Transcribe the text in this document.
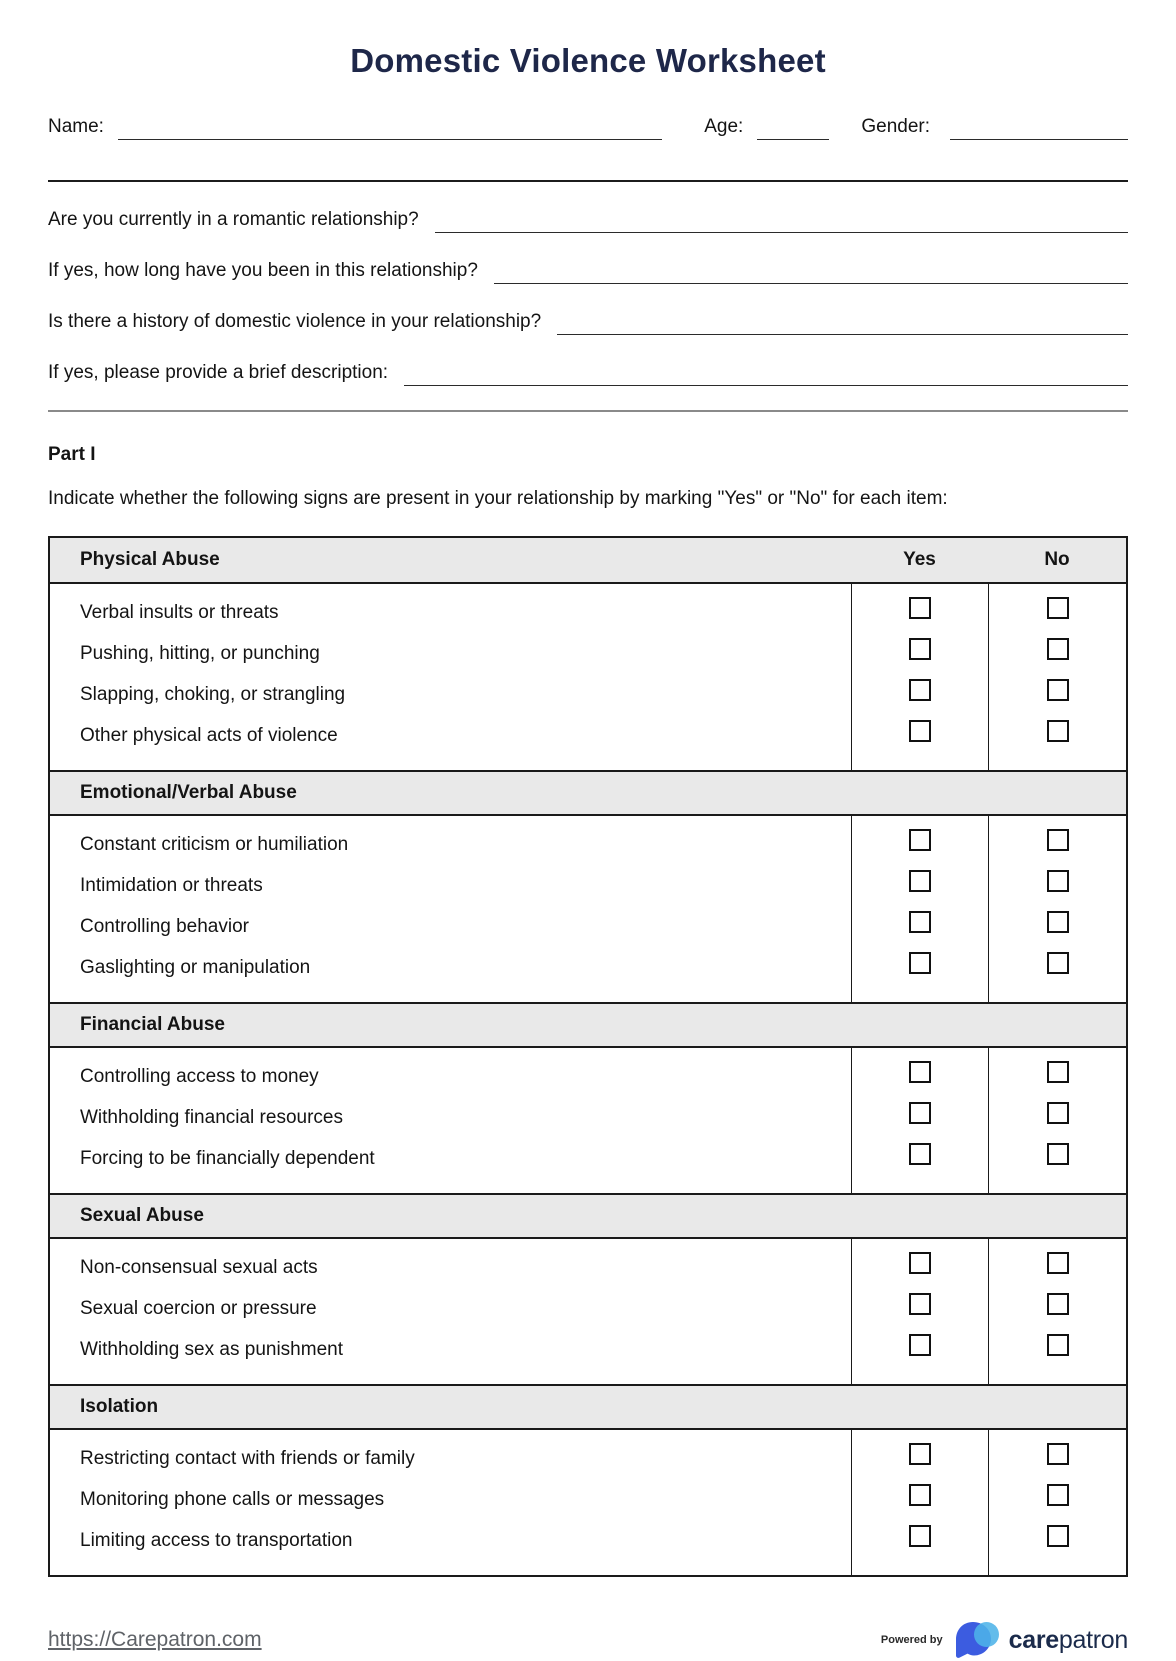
Domestic Violence Worksheet
Name:	Age:	Gender:
Are you currently in a romantic relationship?
If yes, how long have you been in this relationship?
Is there a history of domestic violence in your relationship?
If yes, please provide a brief description:
Part I
Indicate whether the following signs are present in your relationship by marking "Yes" or "No" for each item:
Physical Abuse	Yes	No
Verbal insults or threats
Pushing, hitting, or punching
Slapping, choking, or strangling
Other physical acts of violence
Emotional/Verbal Abuse
Constant criticism or humiliation
Intimidation or threats
Controlling behavior
Gaslighting or manipulation
Financial Abuse
Controlling access to money
Withholding financial resources
Forcing to be financially dependent
Sexual Abuse
Non-consensual sexual acts
Sexual coercion or pressure
Withholding sex as punishment
Isolation
Restricting contact with friends or family
Monitoring phone calls or messages
Limiting access to transportation
https://Carepatron.com	Powered by	carepatron
